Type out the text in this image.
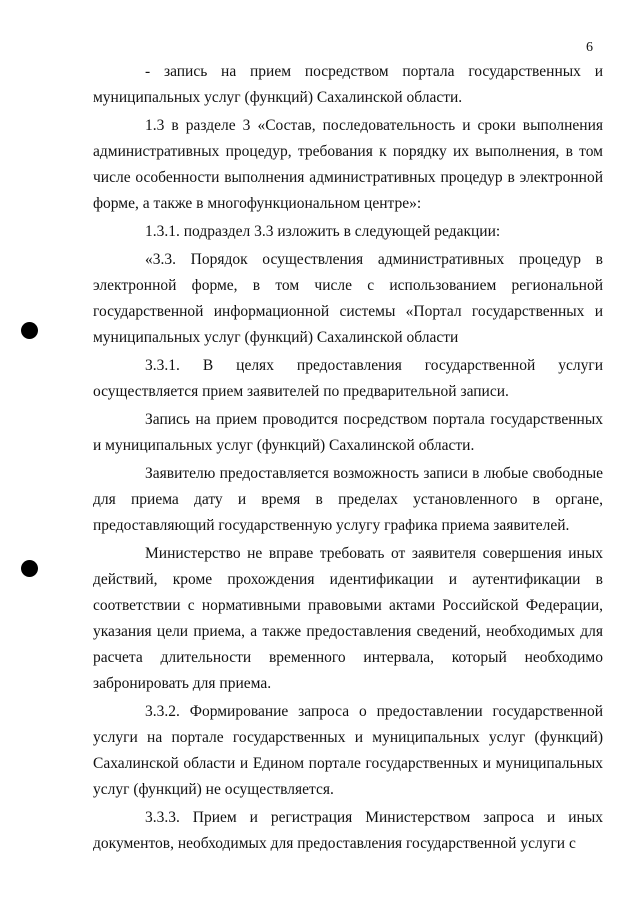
6

- запись на прием посредством портала государственных и муниципальных услуг (функций) Сахалинской области.

1.3 в разделе 3 «Состав, последовательность и сроки выполнения административных процедур, требования к порядку их выполнения, в том числе особенности выполнения административных процедур в электронной форме, а также в многофункциональном центре»:

1.3.1. подраздел 3.3 изложить в следующей редакции:

«3.3. Порядок осуществления административных процедур в электронной форме, в том числе с использованием региональной государственной информационной системы «Портал государственных и муниципальных услуг (функций) Сахалинской области

3.3.1. В целях предоставления государственной услуги осуществляется прием заявителей по предварительной записи.

Запись на прием проводится посредством портала государственных и муниципальных услуг (функций) Сахалинской области.

Заявителю предоставляется возможность записи в любые свободные для приема дату и время в пределах установленного в органе, предоставляющий государственную услугу графика приема заявителей.

Министерство не вправе требовать от заявителя совершения иных действий, кроме прохождения идентификации и аутентификации в соответствии с нормативными правовыми актами Российской Федерации, указания цели приема, а также предоставления сведений, необходимых для расчета длительности временного интервала, который необходимо забронировать для приема.

3.3.2. Формирование запроса о предоставлении государственной услуги на портале государственных и муниципальных услуг (функций) Сахалинской области и Едином портале государственных и муниципальных услуг (функций) не осуществляется.

3.3.3. Прием и регистрация Министерством запроса и иных документов, необходимых для предоставления государственной услуги с
